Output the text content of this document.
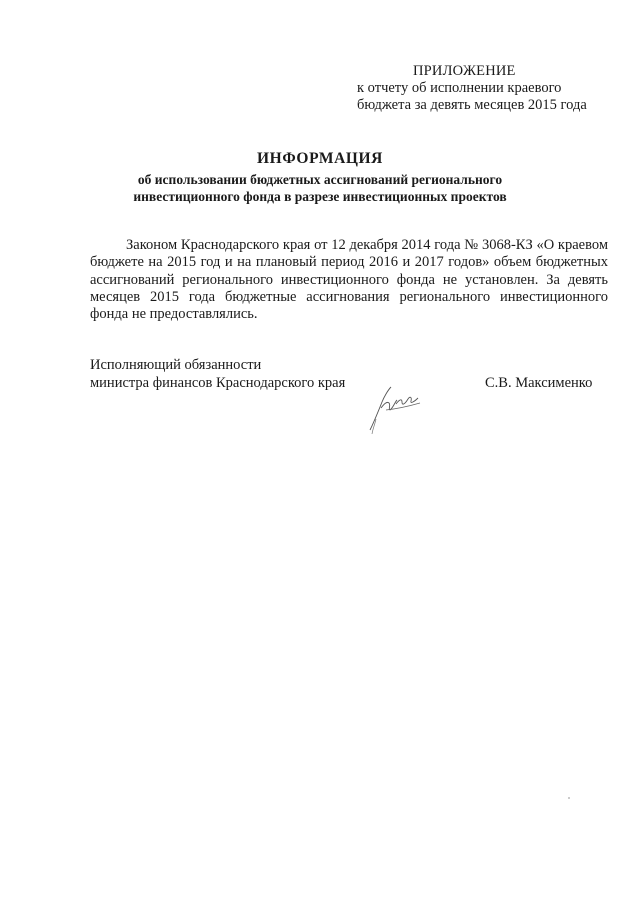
ПРИЛОЖЕНИЕ
к отчету об исполнении краевого
бюджета за девять месяцев 2015 года
ИНФОРМАЦИЯ
об использовании бюджетных ассигнований регионального
инвестиционного фонда в разрезе инвестиционных проектов

Законом Краснодарского края от 12 декабря 2014 года № 3068-КЗ «О краевом бюджете на 2015 год и на плановый период 2016 и 2017 годов» объем бюджетных ассигнований регионального инвестиционного фонда не установлен. За девять месяцев 2015 года бюджетные ассигнования регионального инвестиционного фонда не предоставлялись.

Исполняющий обязанности
министра финансов Краснодарского края	С.В. Максименко
